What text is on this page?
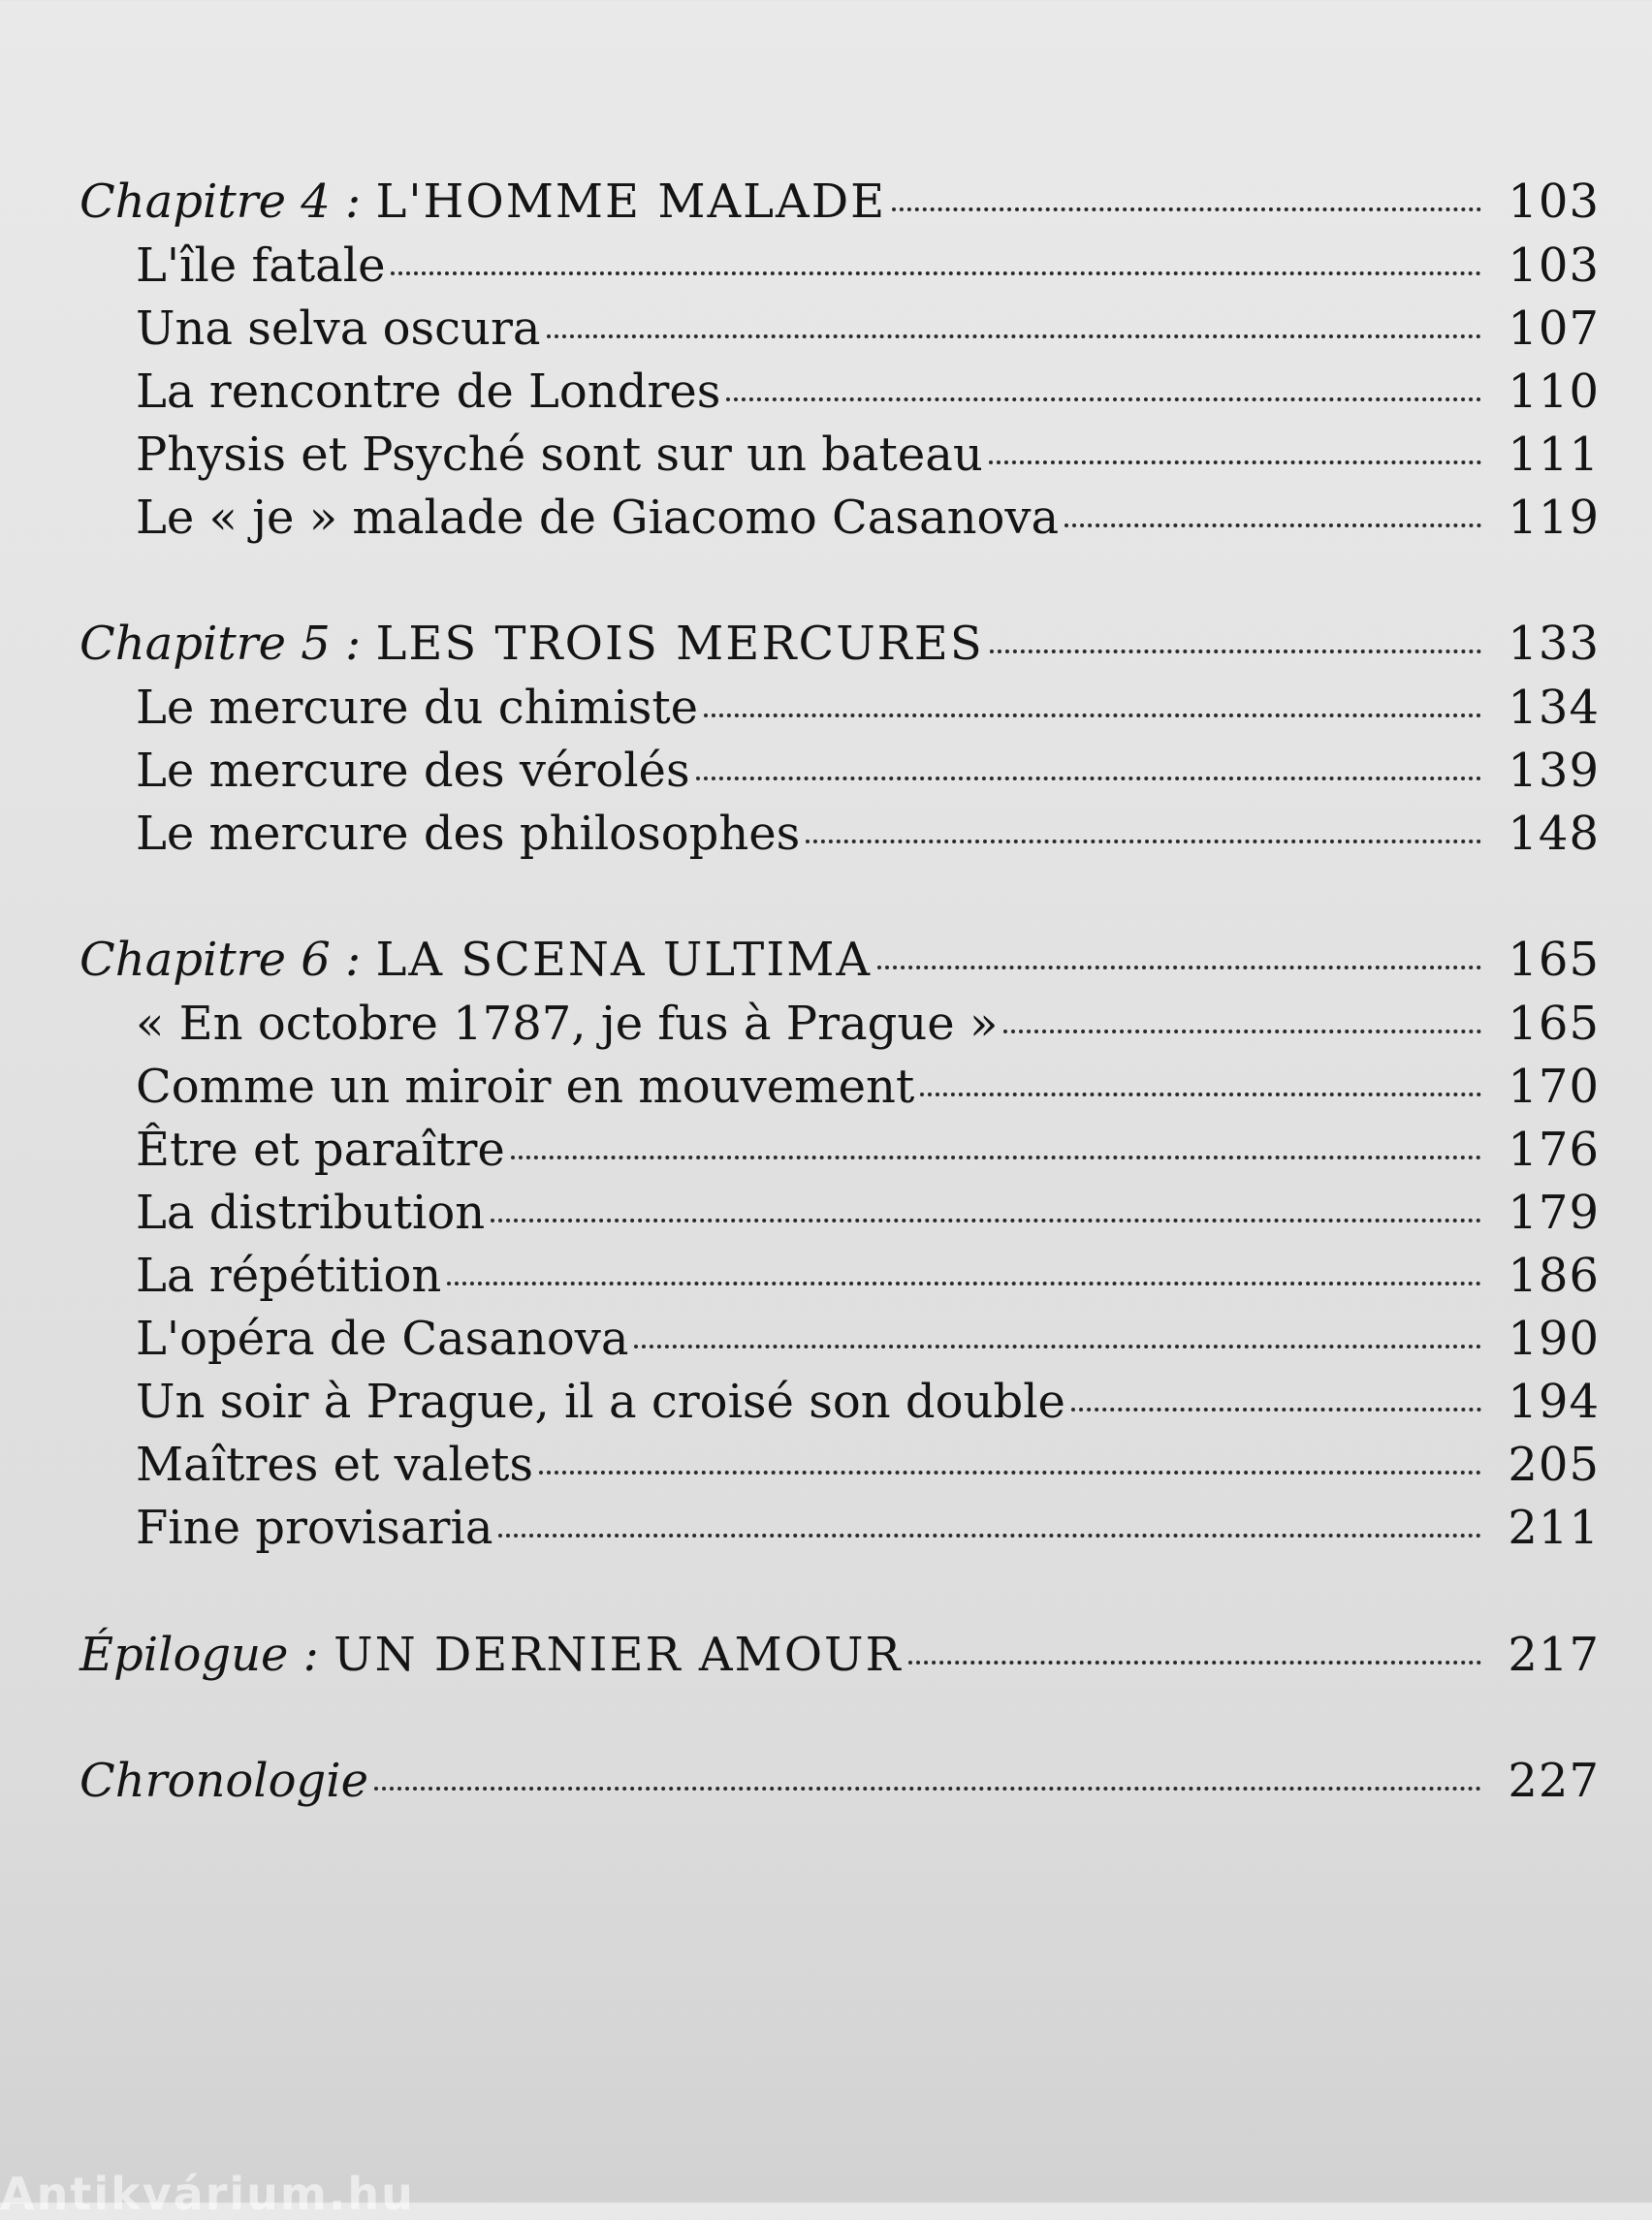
Chapitre 4 : L'HOMME MALADE	103
L'île fatale	103
Una selva oscura	107
La rencontre de Londres	110
Physis et Psyché sont sur un bateau	111
Le « je » malade de Giacomo Casanova	119
Chapitre 5 : LES TROIS MERCURES	133
Le mercure du chimiste	134
Le mercure des vérolés	139
Le mercure des philosophes	148
Chapitre 6 : LA SCENA ULTIMA	165
« En octobre 1787, je fus à Prague »	165
Comme un miroir en mouvement	170
Être et paraître	176
La distribution	179
La répétition	186
L'opéra de Casanova	190
Un soir à Prague, il a croisé son double	194
Maîtres et valets	205
Fine provisaria	211
Épilogue : UN DERNIER AMOUR	217
Chronologie	227
Antikvárium.hu
